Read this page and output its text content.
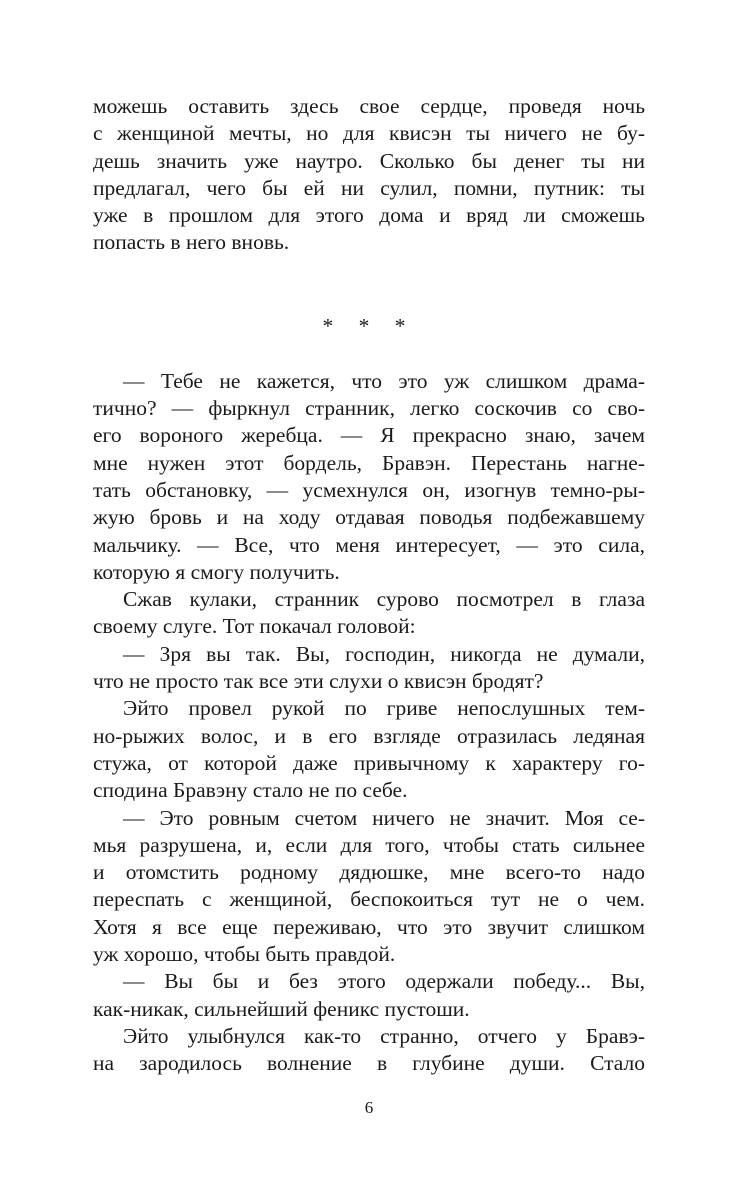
можешь оставить здесь свое сердце, проведя ночь
с женщиной мечты, но для квисэн ты ничего не бу-
дешь значить уже наутро. Сколько бы денег ты ни
предлагал, чего бы ей ни сулил, помни, путник: ты
уже в прошлом для этого дома и вряд ли сможешь
попасть в него вновь.
* * *
— Тебе не кажется, что это уж слишком драма-
тично? — фыркнул странник, легко соскочив со сво-
его вороного жеребца. — Я прекрасно знаю, зачем
мне нужен этот бордель, Бравэн. Перестань нагне-
тать обстановку, — усмехнулся он, изогнув темно-ры-
жую бровь и на ходу отдавая поводья подбежавшему
мальчику. — Все, что меня интересует, — это сила,
которую я смогу получить.
Сжав кулаки, странник сурово посмотрел в глаза
своему слуге. Тот покачал головой:
— Зря вы так. Вы, господин, никогда не думали,
что не просто так все эти слухи о квисэн бродят?
Эйто провел рукой по гриве непослушных тем-
но-рыжих волос, и в его взгляде отразилась ледяная
стужа, от которой даже привычному к характеру го-
сподина Бравэну стало не по себе.
— Это ровным счетом ничего не значит. Моя се-
мья разрушена, и, если для того, чтобы стать сильнее
и отомстить родному дядюшке, мне всего-то надо
переспать с женщиной, беспокоиться тут не о чем.
Хотя я все еще переживаю, что это звучит слишком
уж хорошо, чтобы быть правдой.
— Вы бы и без этого одержали победу... Вы,
как-никак, сильнейший феникс пустоши.
Эйто улыбнулся как-то странно, отчего у Бравэ-
на зародилось волнение в глубине души. Стало
6
